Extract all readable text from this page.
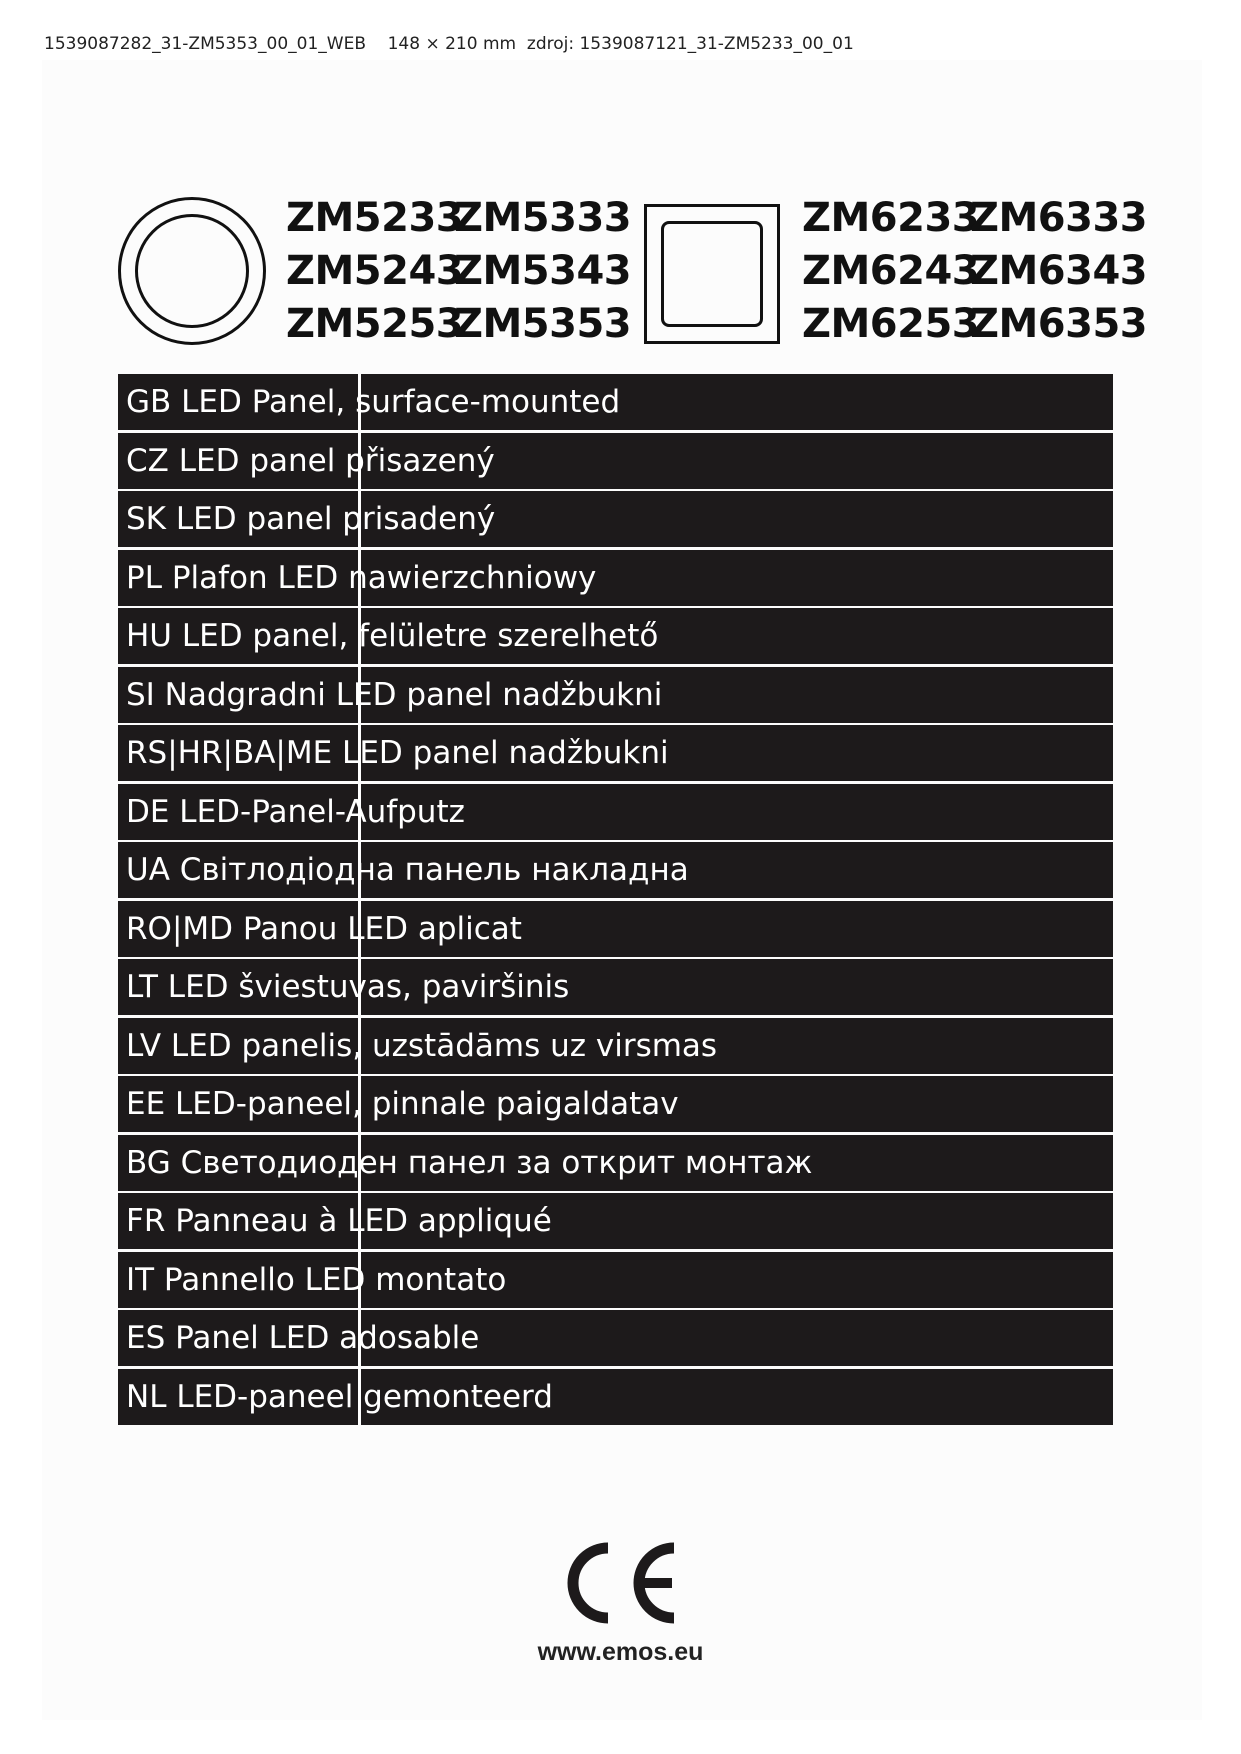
1539087282_31-ZM5353_00_01_WEB 148 × 210 mm zdroj: 1539087121_31-ZM5233_00_01
ZM5233ZM5333
ZM5243ZM5343
ZM5253ZM5353
ZM6233ZM6333
ZM6243ZM6343
ZM6253ZM6353
GB LED Panel, surface-mounted
CZ LED panel přisazený
SK LED panel prisadený
PL Plafon LED nawierzchniowy
HU LED panel, felületre szerelhető
SI Nadgradni LED panel nadžbukni
RS|HR|BA|ME LED panel nadžbukni
DE LED-Panel-Aufputz
UA Світлодіодна панель накладна
RO|MD Panou LED aplicat
LT LED šviestuvas, paviršinis
LV LED panelis, uzstādāms uz virsmas
EE LED-paneel, pinnale paigaldatav
BG Светодиоден панел за открит монтаж
FR Panneau à LED appliqué
IT Pannello LED montato
ES Panel LED adosable
NL LED-paneel gemonteerd
www.emos.eu
